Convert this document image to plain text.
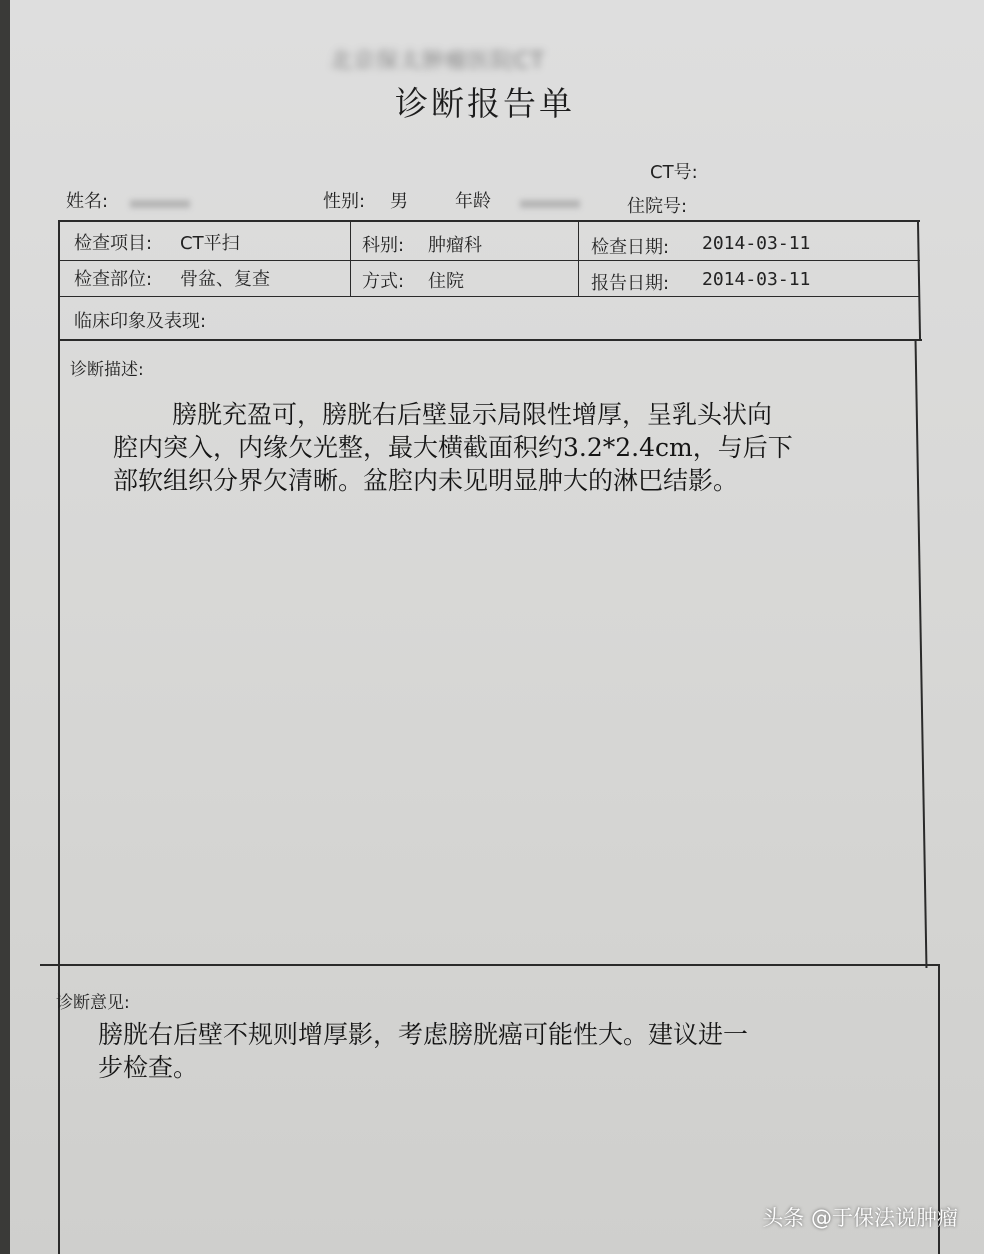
北京保太肿瘤医院CT
诊断报告单
CT号:
姓名:	性别: 男	年龄	住院号:
检查项目: CT平扫	科别: 肿瘤科	检查日期: 2014-03-11
检查部位: 骨盆、复查	方式: 住院	报告日期: 2014-03-11
临床印象及表现:
诊断描述:
膀胱充盈可，膀胱右后壁显示局限性增厚，呈乳头状向
腔内突入，内缘欠光整，最大横截面积约3.2*2.4cm，与后下
部软组织分界欠清晰。盆腔内未见明显肿大的淋巴结影。
诊断意见:
膀胱右后壁不规则增厚影，考虑膀胱癌可能性大。建议进一
步检查。
头条 @于保法说肿瘤
